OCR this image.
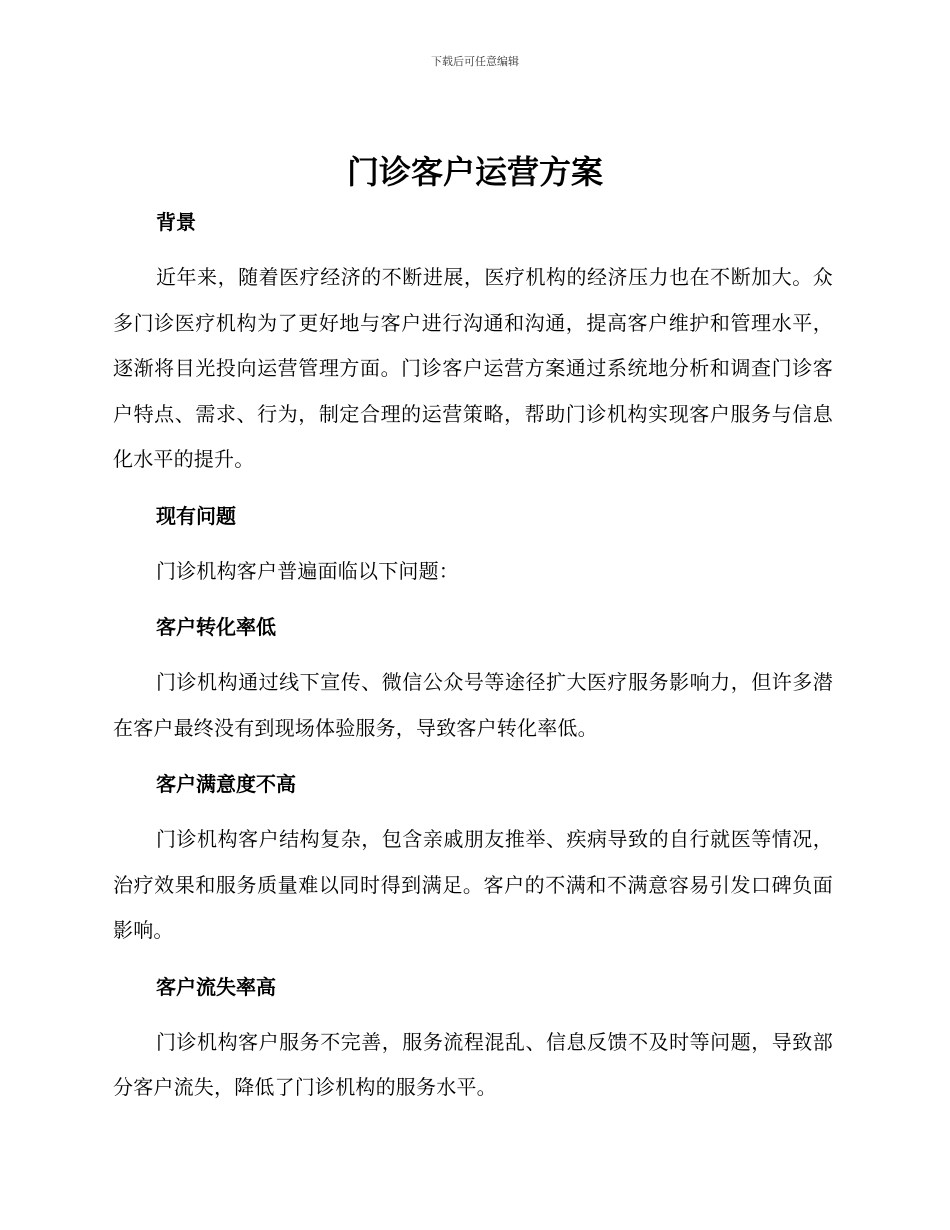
下载后可任意编辑
门诊客户运营方案
背景

近年来，随着医疗经济的不断进展，医疗机构的经济压力也在不断加大。众多门诊医疗机构为了更好地与客户进行沟通和沟通，提高客户维护和管理水平，逐渐将目光投向运营管理方面。门诊客户运营方案通过系统地分析和调查门诊客户特点、需求、行为，制定合理的运营策略，帮助门诊机构实现客户服务与信息化水平的提升。

现有问题

门诊机构客户普遍面临以下问题：

客户转化率低

门诊机构通过线下宣传、微信公众号等途径扩大医疗服务影响力，但许多潜在客户最终没有到现场体验服务，导致客户转化率低。

客户满意度不高

门诊机构客户结构复杂，包含亲戚朋友推举、疾病导致的自行就医等情况，治疗效果和服务质量难以同时得到满足。客户的不满和不满意容易引发口碑负面影响。

客户流失率高

门诊机构客户服务不完善，服务流程混乱、信息反馈不及时等问题，导致部分客户流失，降低了门诊机构的服务水平。
